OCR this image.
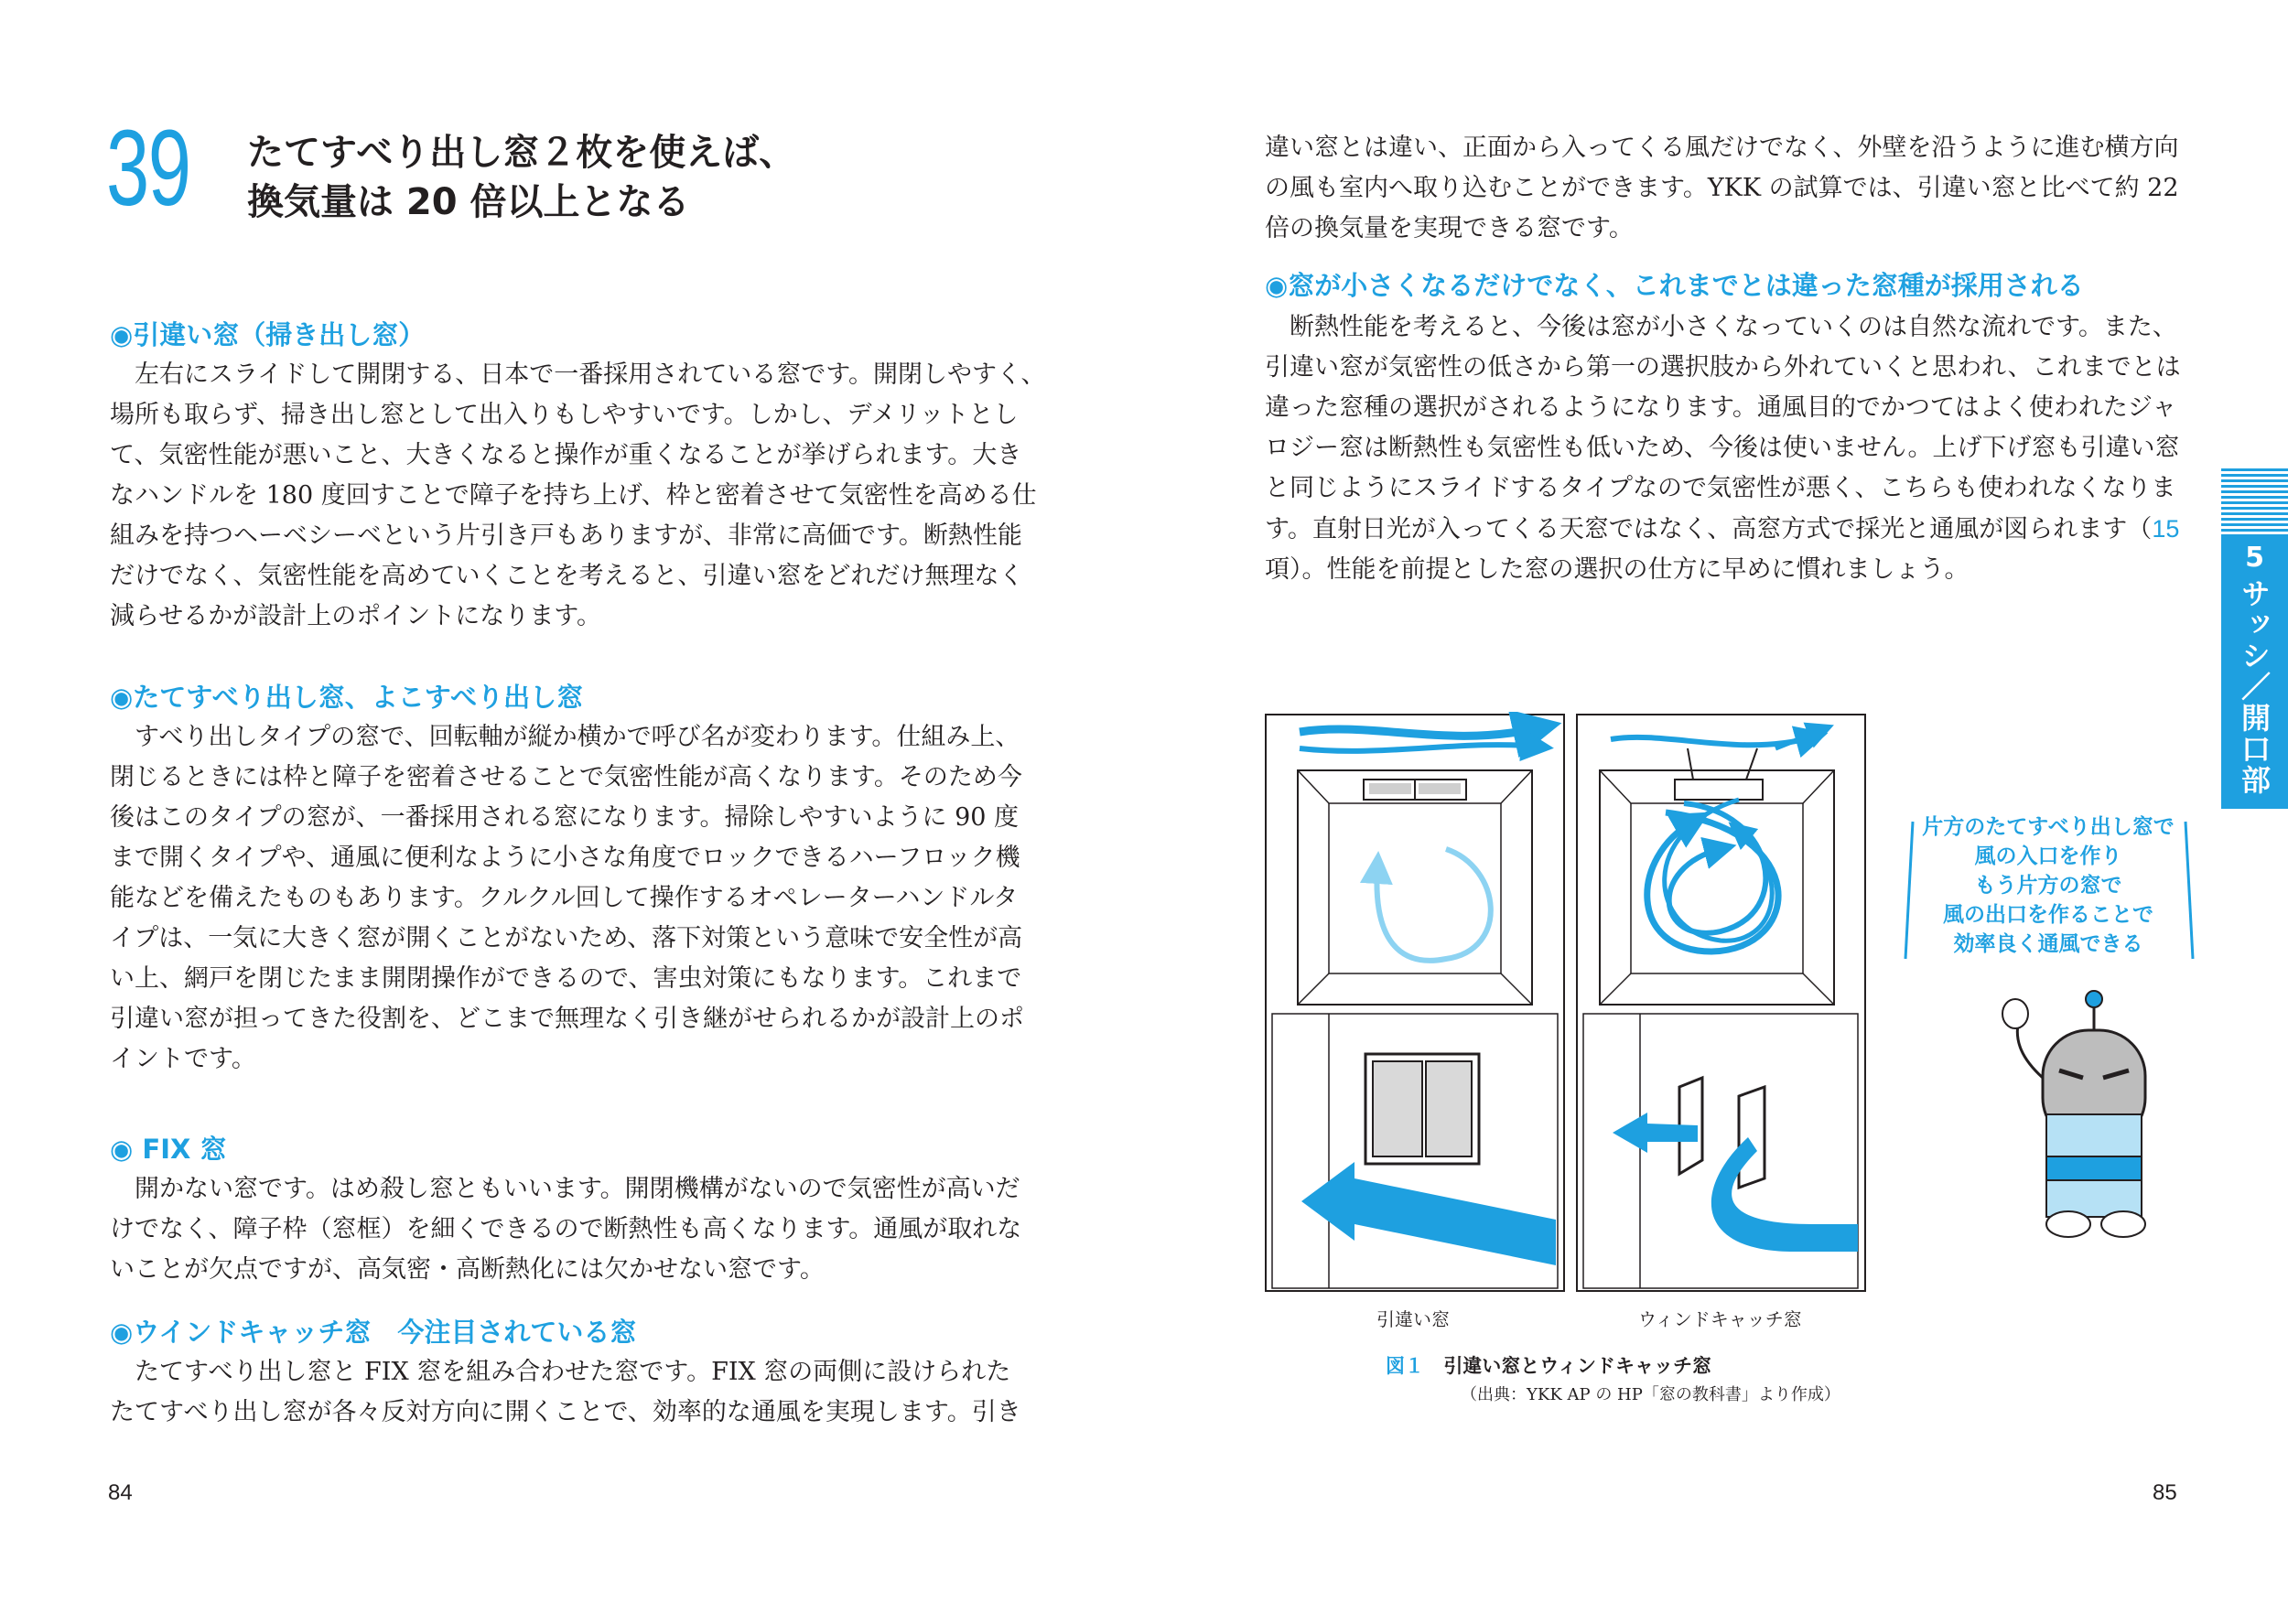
39 たてすべり出し窓２枚を使えば、
換気量は 20 倍以上となる
◉引違い窓（掃き出し窓）
左右にスライドして開閉する、日本で一番採用されている窓です。開閉しやすく、
場所も取らず、掃き出し窓として出入りもしやすいです。しかし、デメリットとし
て、気密性能が悪いこと、大きくなると操作が重くなることが挙げられます。大き
なハンドルを 180 度回すことで障子を持ち上げ、枠と密着させて気密性を高める仕
組みを持つヘーベシーベという片引き戸もありますが、非常に高価です。断熱性能
だけでなく、気密性能を高めていくことを考えると、引違い窓をどれだけ無理なく
減らせるかが設計上のポイントになります。
◉たてすべり出し窓、よこすべり出し窓
すべり出しタイプの窓で、回転軸が縦か横かで呼び名が変わります。仕組み上、
閉じるときには枠と障子を密着させることで気密性能が高くなります。そのため今
後はこのタイプの窓が、一番採用される窓になります。掃除しやすいように 90 度
まで開くタイプや、通風に便利なように小さな角度でロックできるハーフロック機
能などを備えたものもあります。クルクル回して操作するオペレーターハンドルタ
イプは、一気に大きく窓が開くことがないため、落下対策という意味で安全性が高
い上、網戸を閉じたまま開閉操作ができるので、害虫対策にもなります。これまで
引違い窓が担ってきた役割を、どこまで無理なく引き継がせられるかが設計上のポ
イントです。
◉ FIX 窓
開かない窓です。はめ殺し窓ともいいます。開閉機構がないので気密性が高いだ
けでなく、障子枠（窓框）を細くできるので断熱性も高くなります。通風が取れな
いことが欠点ですが、高気密・高断熱化には欠かせない窓です。
◉ウインドキャッチ窓　今注目されている窓
たてすべり出し窓と FIX 窓を組み合わせた窓です。FIX 窓の両側に設けられた
たてすべり出し窓が各々反対方向に開くことで、効率的な通風を実現します。引き
84
違い窓とは違い、正面から入ってくる風だけでなく、外壁を沿うように進む横方向
の風も室内へ取り込むことができます。YKK の試算では、引違い窓と比べて約 22
倍の換気量を実現できる窓です。
◉窓が小さくなるだけでなく、これまでとは違った窓種が採用される
断熱性能を考えると、今後は窓が小さくなっていくのは自然な流れです。また、
引違い窓が気密性の低さから第一の選択肢から外れていくと思われ、これまでとは
違った窓種の選択がされるようになります。通風目的でかつてはよく使われたジャ
ロジー窓は断熱性も気密性も低いため、今後は使いません。上げ下げ窓も引違い窓
と同じようにスライドするタイプなので気密性が悪く、こちらも使われなくなりま
す。直射日光が入ってくる天窓ではなく、高窓方式で採光と通風が図られます（15
項）。性能を前提とした窓の選択の仕方に早めに慣れましょう。	5
サッシ／開口部
片方のたてすべり出し窓で
風の入口を作り
もう片方の窓で
風の出口を作ることで
効率良く通風できる
引違い窓	ウィンドキャッチ窓
図１ 引違い窓とウィンドキャッチ窓
（出典：YKK AP の HP「窓の教科書」より作成）
85
